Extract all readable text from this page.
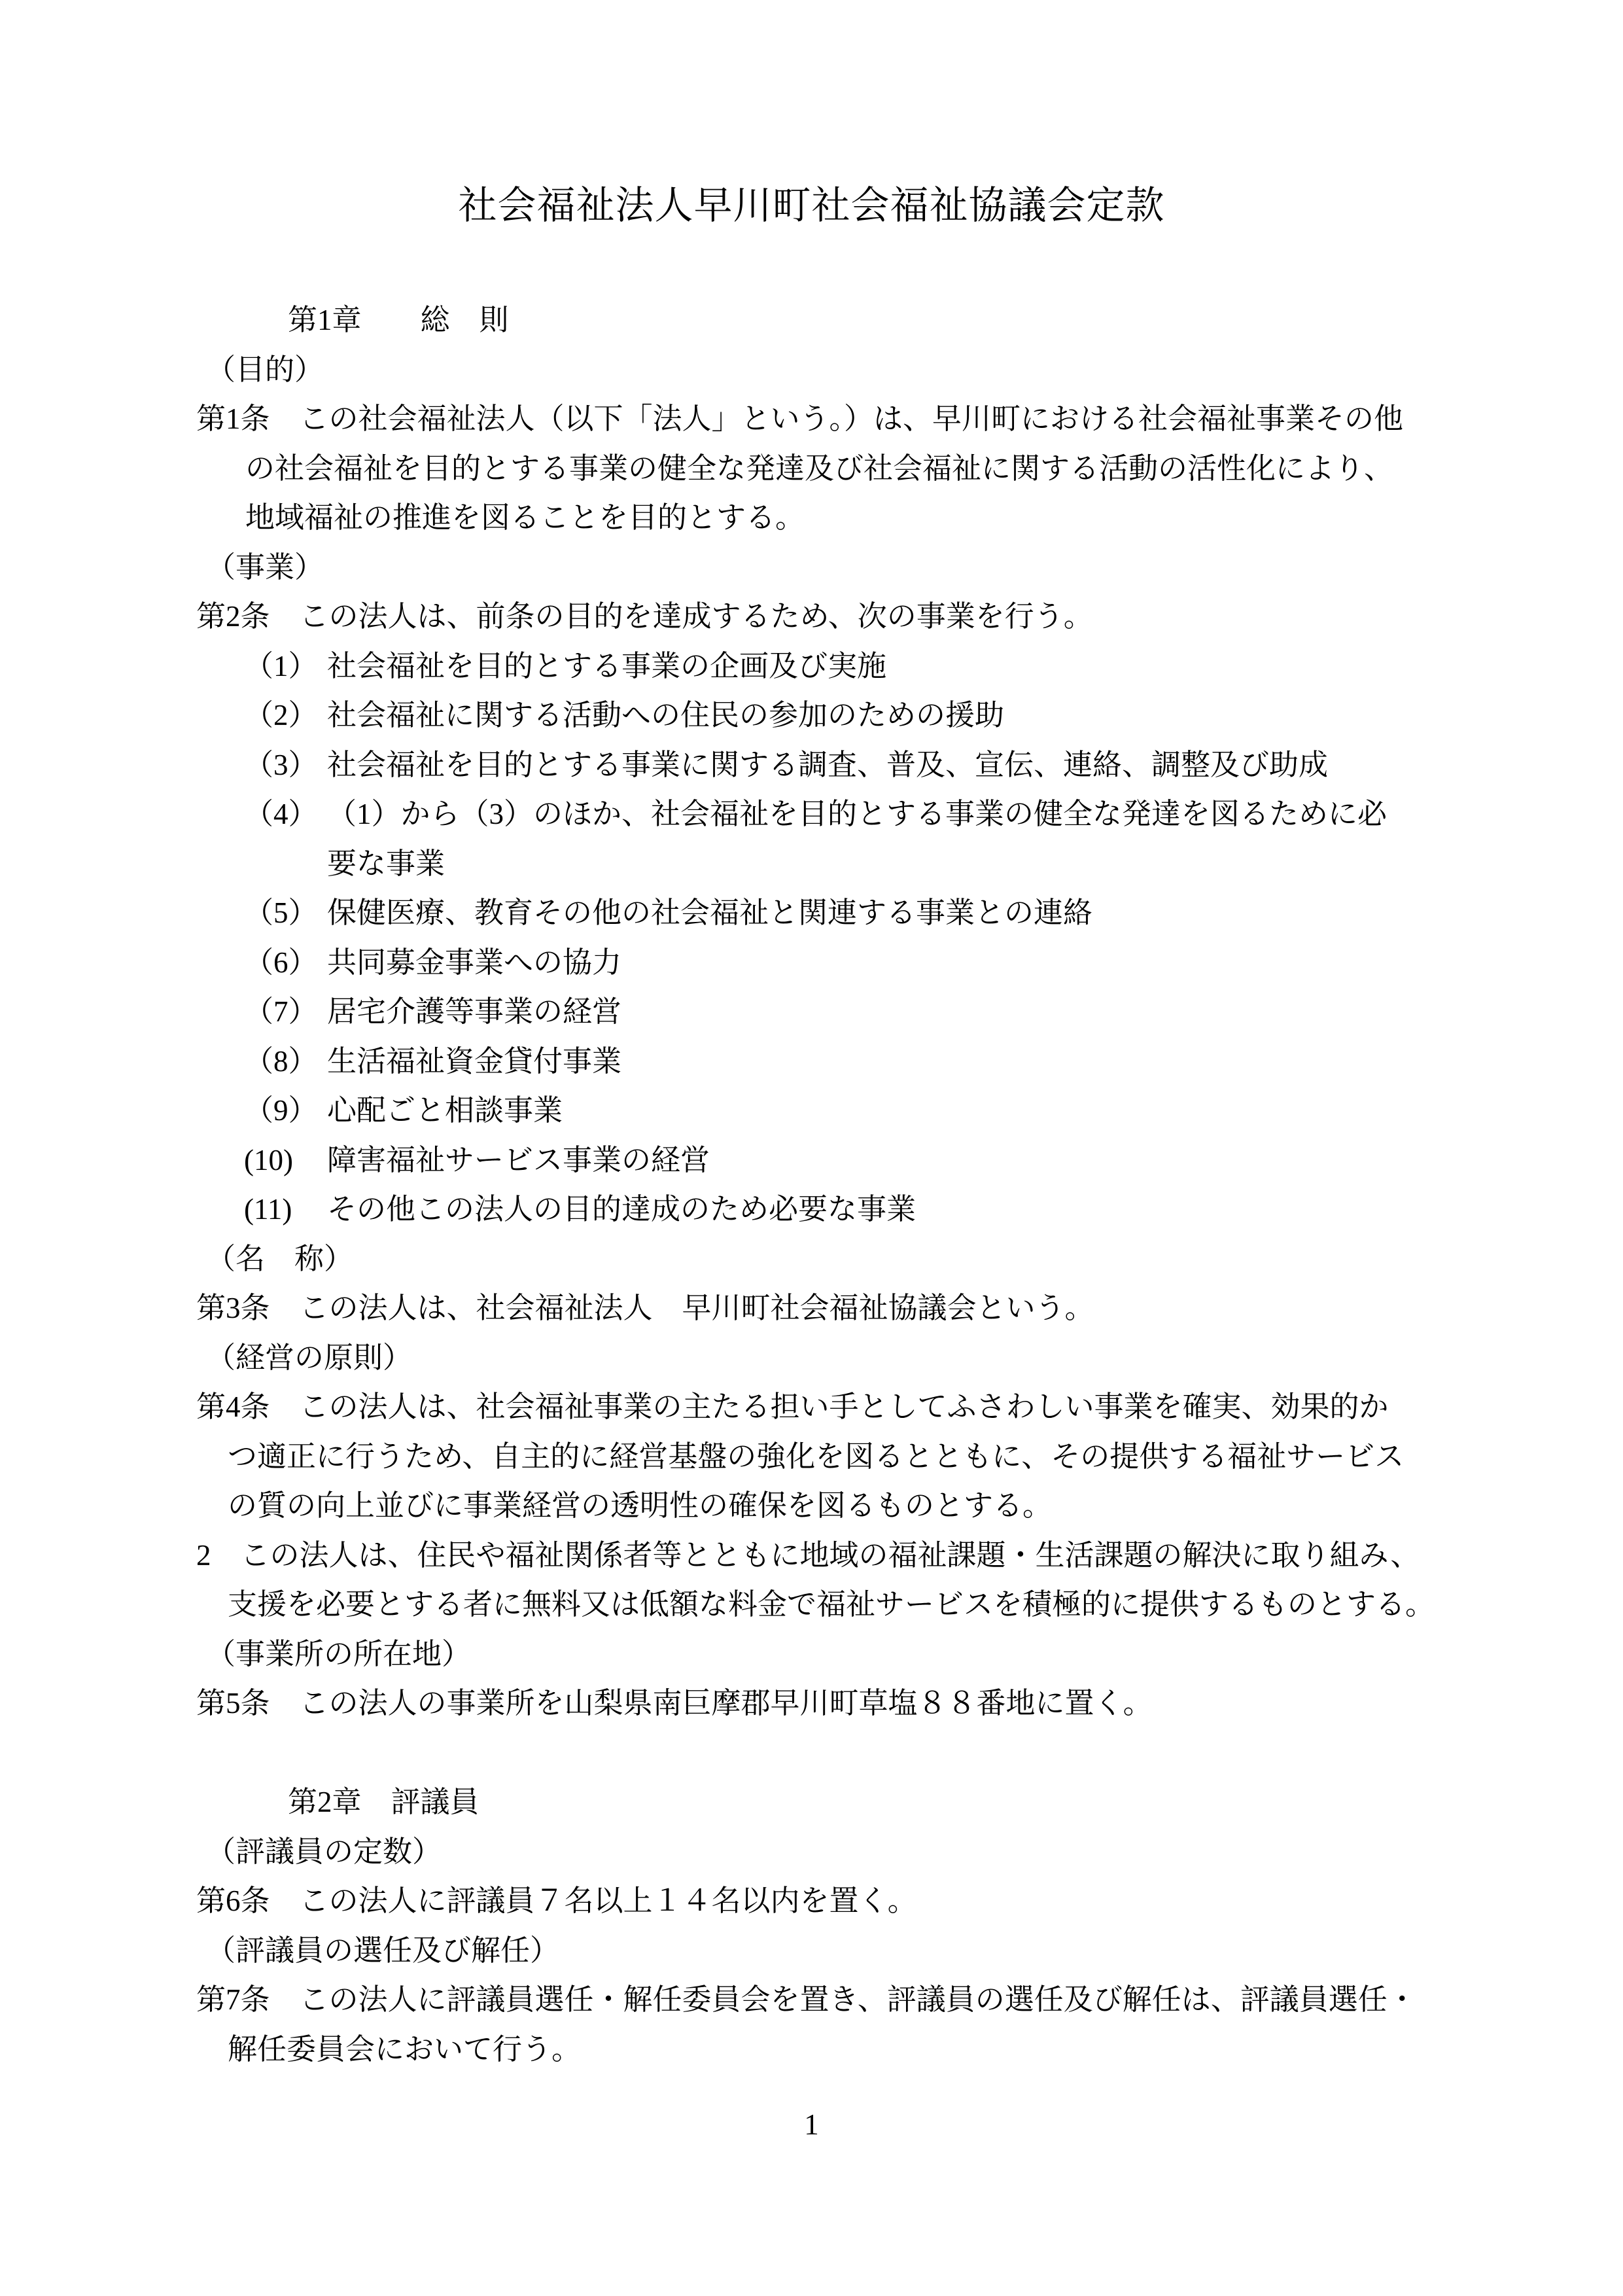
社会福祉法人早川町社会福祉協議会定款
第1章　　総　則
（目的）
第1条　この社会福祉法人（以下「法人」という。）は、早川町における社会福祉事業その他
の社会福祉を目的とする事業の健全な発達及び社会福祉に関する活動の活性化により、
地域福祉の推進を図ることを目的とする。
（事業）
第2条　この法人は、前条の目的を達成するため、次の事業を行う。
（1） 社会福祉を目的とする事業の企画及び実施
（2） 社会福祉に関する活動への住民の参加のための援助
（3） 社会福祉を目的とする事業に関する調査、普及、宣伝、連絡、調整及び助成
（4） （1）から（3）のほか、社会福祉を目的とする事業の健全な発達を図るために必
要な事業
（5） 保健医療、教育その他の社会福祉と関連する事業との連絡
（6） 共同募金事業への協力
（7） 居宅介護等事業の経営
（8） 生活福祉資金貸付事業
（9） 心配ごと相談事業
(10)	障害福祉サービス事業の経営
(11)	その他この法人の目的達成のため必要な事業
（名　称）
第3条　この法人は、社会福祉法人　早川町社会福祉協議会という。
（経営の原則）
第4条　この法人は、社会福祉事業の主たる担い手としてふさわしい事業を確実、効果的か
つ適正に行うため、自主的に経営基盤の強化を図るとともに、その提供する福祉サービス
の質の向上並びに事業経営の透明性の確保を図るものとする。
2　この法人は、住民や福祉関係者等とともに地域の福祉課題・生活課題の解決に取り組み、
支援を必要とする者に無料又は低額な料金で福祉サービスを積極的に提供するものとする。
（事業所の所在地）
第5条　この法人の事業所を山梨県南巨摩郡早川町草塩８８番地に置く。
第2章　評議員
（評議員の定数）
第6条　この法人に評議員７名以上１４名以内を置く。
（評議員の選任及び解任）
第7条　この法人に評議員選任・解任委員会を置き、評議員の選任及び解任は、評議員選任・
解任委員会において行う。
1
